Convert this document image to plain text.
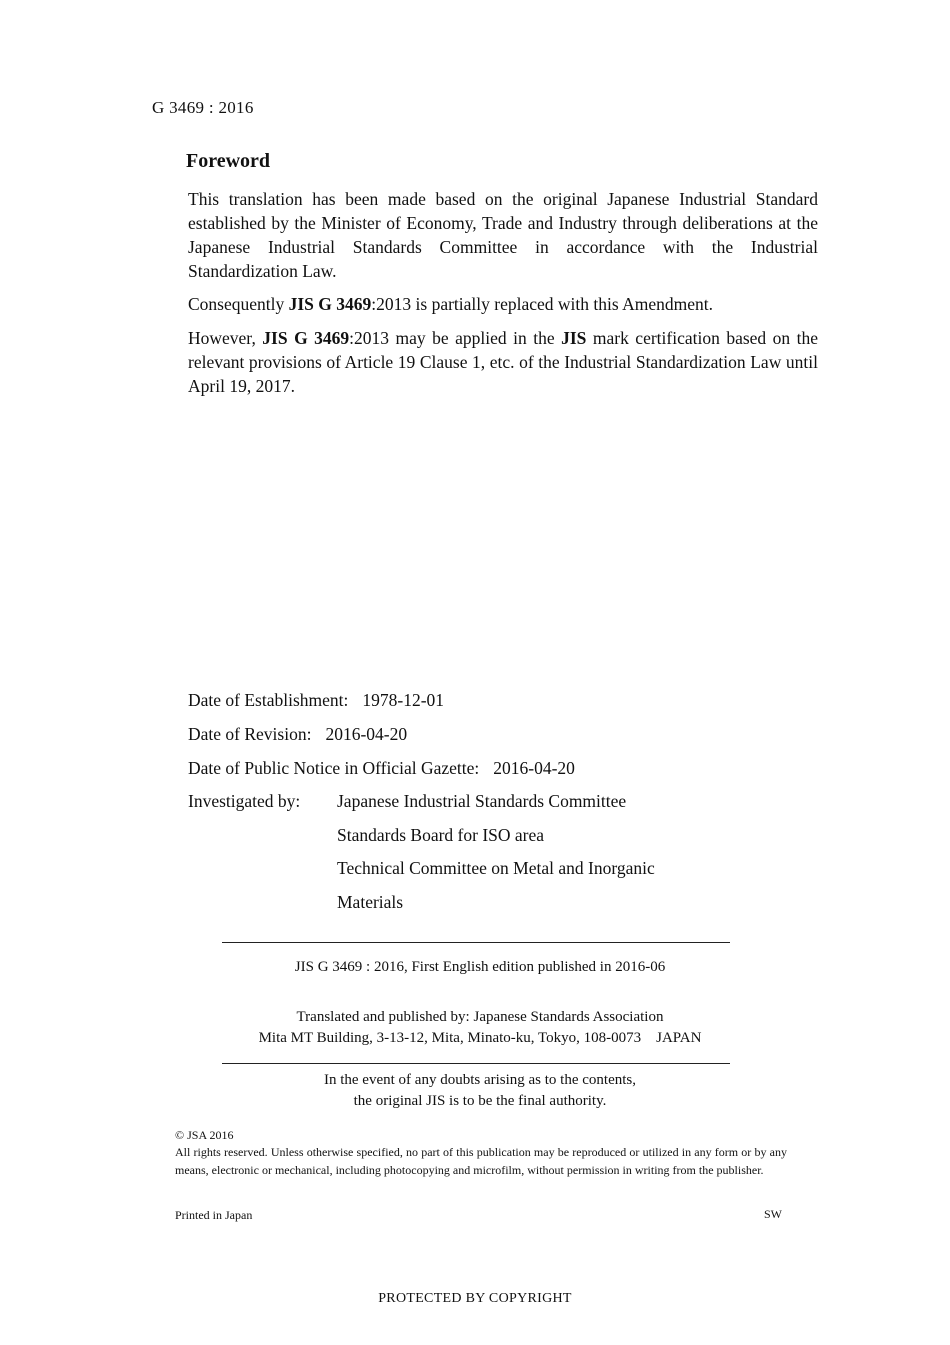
G 3469 : 2016
Foreword
This translation has been made based on the original Japanese Industrial Standard established by the Minister of Economy, Trade and Industry through deliberations at the Japanese Industrial Standards Committee in accordance with the Industrial Standardization Law.
Consequently JIS G 3469:2013 is partially replaced with this Amendment.
However, JIS G 3469:2013 may be applied in the JIS mark certification based on the relevant provisions of Article 19 Clause 1, etc. of the Industrial Standardization Law until April 19, 2017.
Date of Establishment: 1978-12-01
Date of Revision: 2016-04-20
Date of Public Notice in Official Gazette: 2016-04-20
Investigated by: Japanese Industrial Standards Committee
Standards Board for ISO area
Technical Committee on Metal and Inorganic
Materials
JIS G 3469 : 2016, First English edition published in 2016-06
Translated and published by: Japanese Standards Association
Mita MT Building, 3-13-12, Mita, Minato-ku, Tokyo, 108-0073    JAPAN
In the event of any doubts arising as to the contents,
the original JIS is to be the final authority.
© JSA 2016
All rights reserved. Unless otherwise specified, no part of this publication may be reproduced or utilized in any form or by any means, electronic or mechanical, including photocopying and microfilm, without permission in writing from the publisher.
Printed in Japan	SW
PROTECTED BY COPYRIGHT
